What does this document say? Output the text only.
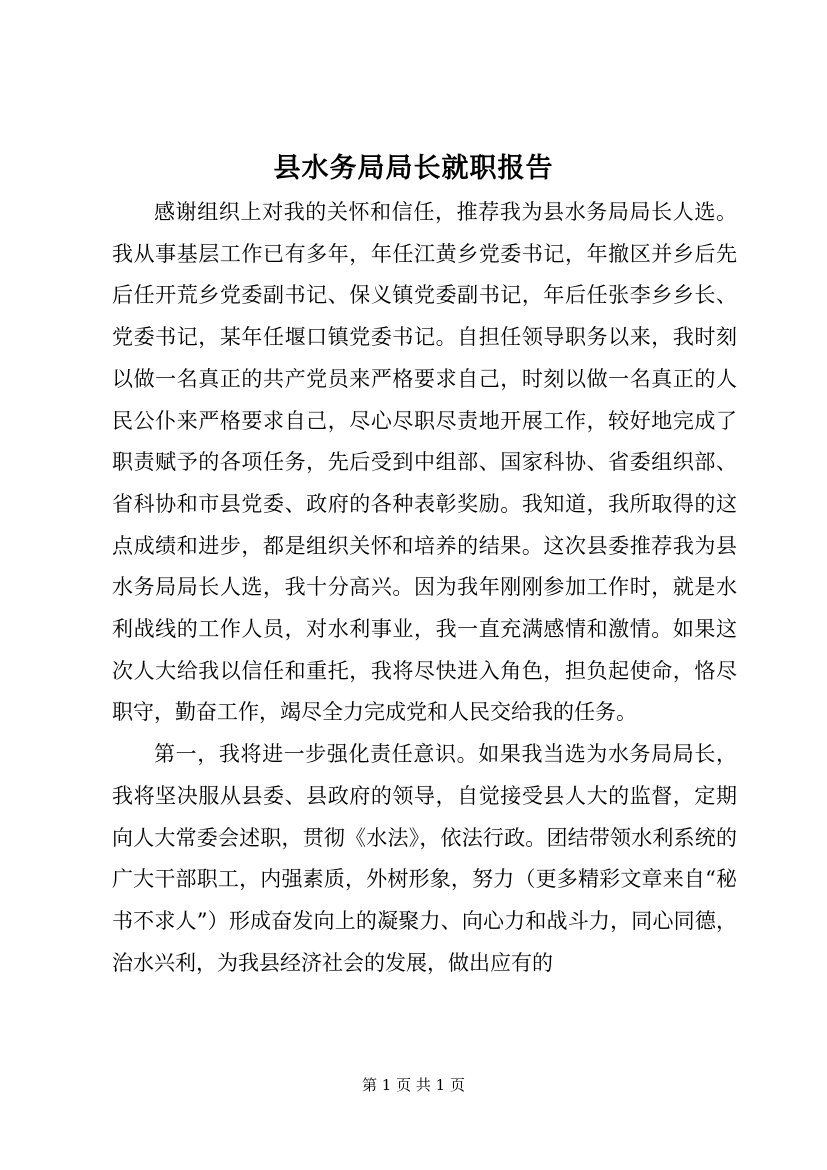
县水务局局长就职报告

感谢组织上对我的关怀和信任，推荐我为县水务局局长人选。我从事基层工作已有多年，年任江黄乡党委书记，年撤区并乡后先后任开荒乡党委副书记、保义镇党委副书记，年后任张李乡乡长、党委书记，某年任堰口镇党委书记。自担任领导职务以来，我时刻以做一名真正的共产党员来严格要求自己，时刻以做一名真正的人民公仆来严格要求自己，尽心尽职尽责地开展工作，较好地完成了职责赋予的各项任务，先后受到中组部、国家科协、省委组织部、省科协和市县党委、政府的各种表彰奖励。我知道，我所取得的这点成绩和进步，都是组织关怀和培养的结果。这次县委推荐我为县水务局局长人选，我十分高兴。因为我年刚刚参加工作时，就是水利战线的工作人员，对水利事业，我一直充满感情和激情。如果这次人大给我以信任和重托，我将尽快进入角色，担负起使命，恪尽职守，勤奋工作，竭尽全力完成党和人民交给我的任务。

第一，我将进一步强化责任意识。如果我当选为水务局局长，我将坚决服从县委、县政府的领导，自觉接受县人大的监督，定期向人大常委会述职，贯彻《水法》，依法行政。团结带领水利系统的广大干部职工，内强素质，外树形象，努力（更多精彩文章来自“秘书不求人”）形成奋发向上的凝聚力、向心力和战斗力，同心同德，治水兴利，为我县经济社会的发展，做出应有的

第 1 页 共 1 页
